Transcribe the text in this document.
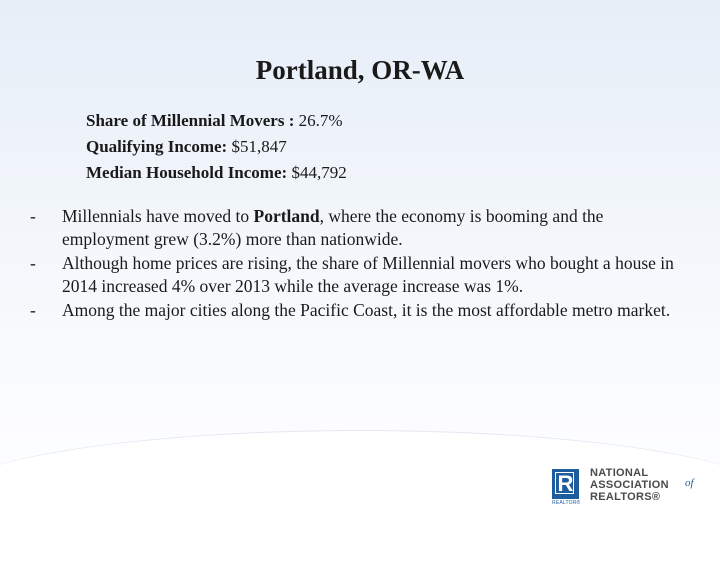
Portland, OR-WA
Share of Millennial Movers : 26.7%
Qualifying Income: $51,847
Median Household Income: $44,792
- Millennials have moved to Portland, where the economy is booming and the employment grew (3.2%) more than nationwide.
- Although home prices are rising, the share of Millennial movers who bought a house in 2014 increased 4% over 2013 while the average increase was 1%.
- Among the major cities along the Pacific Coast, it is the most affordable metro market.
R
REALTOR®
NATIONAL
ASSOCIATION
REALTORS®
of
